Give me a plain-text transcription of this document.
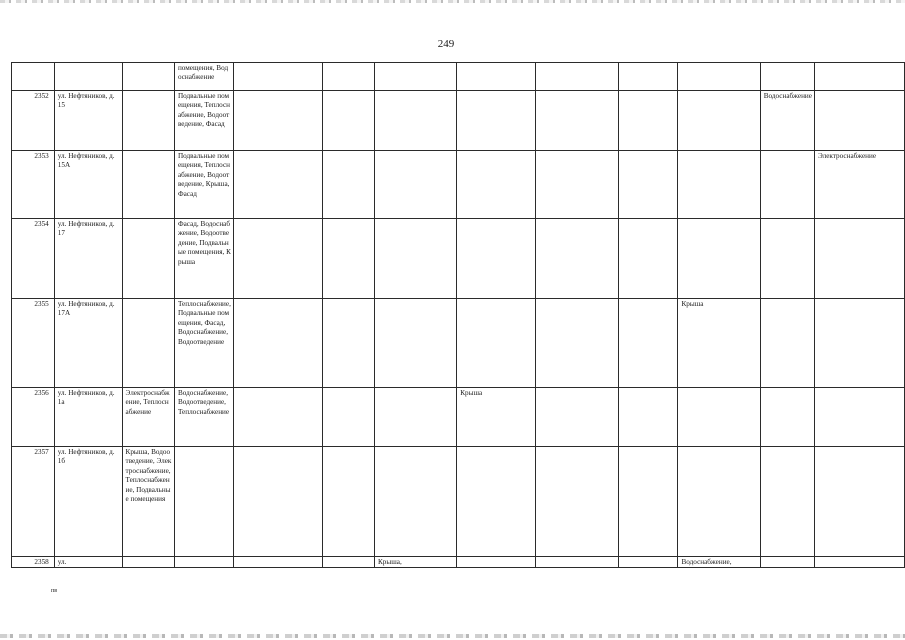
249
			помещения, Водоснабжение									
2352	ул. Нефтяников, д. 15		Подвальные помещения, Теплоснабжение, Водоотведение, Фасад								Водоснабжение	
2353	ул. Нефтяников, д. 15А		Подвальные помещения, Теплоснабжение, Водоотведение, Крыша, Фасад									Электроснабжение
2354	ул. Нефтяников, д. 17		Фасад, Водоснабжение, Водоотведение, Подвальные помещения, Крыша									
2355	ул. Нефтяников, д. 17А		Теплоснабжение, Подвальные помещения, Фасад, Водоснабжение, Водоотведение							Крыша		
2356	ул. Нефтяников, д. 1а	Электроснабжение, Теплоснабжение	Водоснабжение, Водоотведение, Теплоснабжение				Крыша					
2357	ул. Нефтяников, д. 1б	Крыша, Водоотведение, Электроснабжение, Теплоснабжение, Подвальные помещения										
2358	ул.					Крыша,				Водоснабжение,		
пв
